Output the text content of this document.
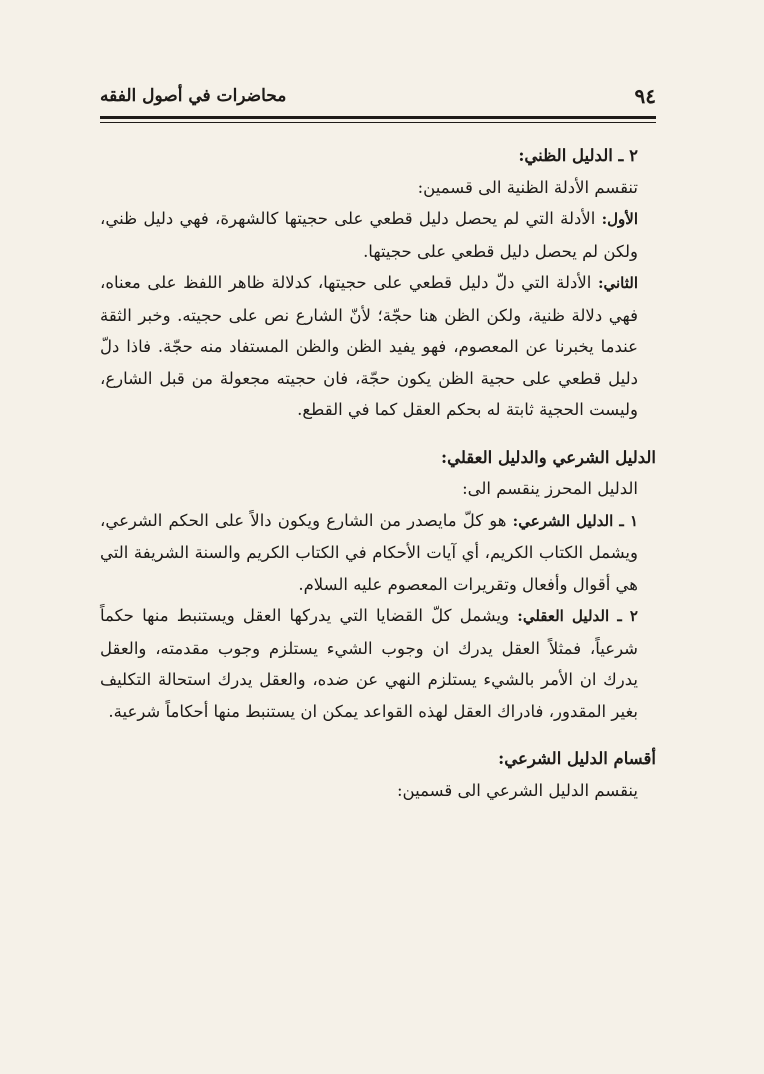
٩٤
محاضرات في أصول الفقه

٢ ـ الدليل الظني:

تنقسم الأدلة الظنية الى قسمين:

الأول: الأدلة التي لم يحصل دليل قطعي على حجيتها كالشهرة، فهي دليل ظني، ولكن لم يحصل دليل قطعي على حجيتها.

الثاني: الأدلة التي دلّ دليل قطعي على حجيتها، كدلالة ظاهر اللفظ على معناه، فهي دلالة ظنية، ولكن الظن هنا حجّة؛ لأنّ الشارع نص على حجيته. وخبر الثقة عندما يخبرنا عن المعصوم، فهو يفيد الظن والظن المستفاد منه حجّة. فاذا دلّ دليل قطعي على حجية الظن يكون حجّة، فان حجيته مجعولة من قبل الشارع، وليست الحجية ثابتة له بحكم العقل كما في القطع.

الدليل الشرعي والدليل العقلي:

الدليل المحرز ينقسم الى:

١ ـ الدليل الشرعي: هو كلّ مايصدر من الشارع ويكون دالاً على الحكم الشرعي، ويشمل الكتاب الكريم، أي آيات الأحكام في الكتاب الكريم والسنة الشريفة التي هي أقوال وأفعال وتقريرات المعصوم عليه السلام.

٢ ـ الدليل العقلي: ويشمل كلّ القضايا التي يدركها العقل ويستنبط منها حكماً شرعياً، فمثلاً العقل يدرك ان وجوب الشيء يستلزم وجوب مقدمته، والعقل يدرك ان الأمر بالشيء يستلزم النهي عن ضده، والعقل يدرك استحالة التكليف بغير المقدور، فادراك العقل لهذه القواعد يمكن ان يستنبط منها أحكاماً شرعية.

أقسام الدليل الشرعي:

ينقسم الدليل الشرعي الى قسمين:
